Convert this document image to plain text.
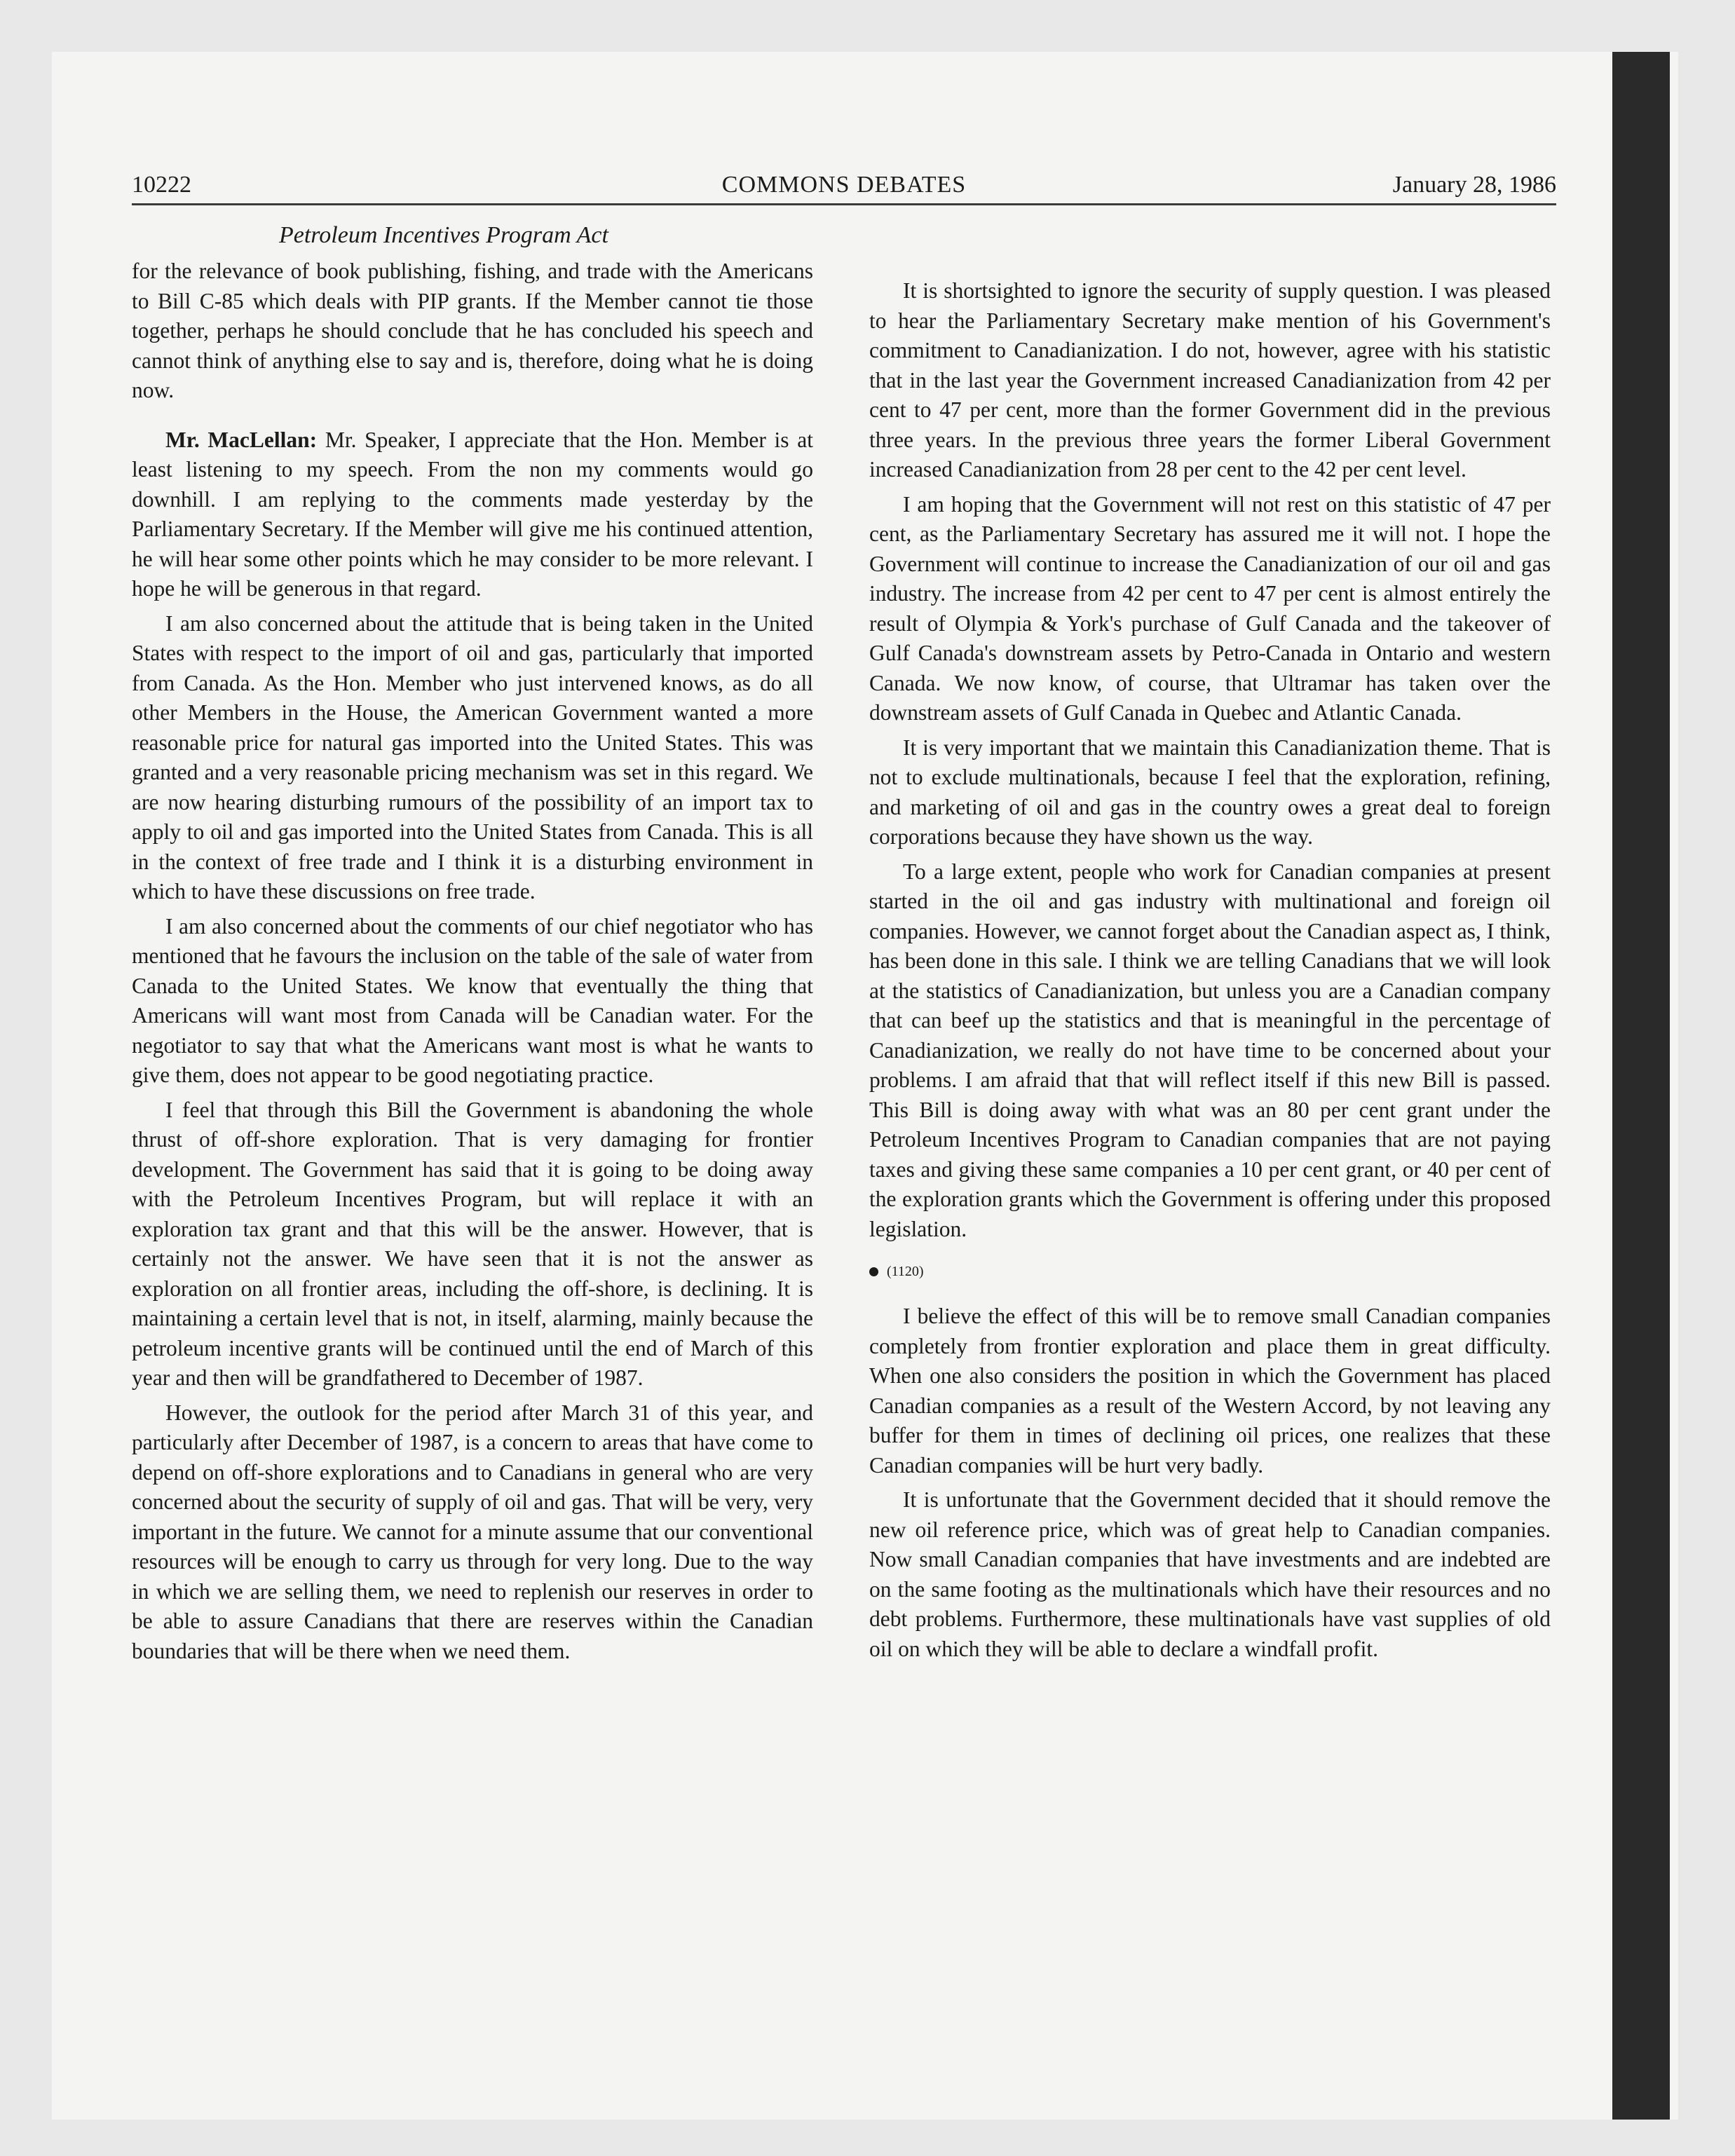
10222	COMMONS DEBATES	January 28, 1986
Petroleum Incentives Program Act

for the relevance of book publishing, fishing, and trade with the Americans to Bill C-85 which deals with PIP grants. If the Member cannot tie those together, perhaps he should conclude that he has concluded his speech and cannot think of anything else to say and is, therefore, doing what he is doing now.

Mr. MacLellan: Mr. Speaker, I appreciate that the Hon. Member is at least listening to my speech. From the non my comments would go downhill. I am replying to the comments made yesterday by the Parliamentary Secretary. If the Member will give me his continued attention, he will hear some other points which he may consider to be more relevant. I hope he will be generous in that regard.

I am also concerned about the attitude that is being taken in the United States with respect to the import of oil and gas, particularly that imported from Canada. As the Hon. Member who just intervened knows, as do all other Members in the House, the American Government wanted a more reasonable price for natural gas imported into the United States. This was granted and a very reasonable pricing mechanism was set in this regard. We are now hearing disturbing rumours of the possibility of an import tax to apply to oil and gas imported into the United States from Canada. This is all in the context of free trade and I think it is a disturbing environment in which to have these discussions on free trade.

I am also concerned about the comments of our chief negotiator who has mentioned that he favours the inclusion on the table of the sale of water from Canada to the United States. We know that eventually the thing that Americans will want most from Canada will be Canadian water. For the negotiator to say that what the Americans want most is what he wants to give them, does not appear to be good negotiating practice.

I feel that through this Bill the Government is abandoning the whole thrust of off-shore exploration. That is very damaging for frontier development. The Government has said that it is going to be doing away with the Petroleum Incentives Program, but will replace it with an exploration tax grant and that this will be the answer. However, that is certainly not the answer. We have seen that it is not the answer as exploration on all frontier areas, including the off-shore, is declining. It is maintaining a certain level that is not, in itself, alarming, mainly because the petroleum incentive grants will be continued until the end of March of this year and then will be grandfathered to December of 1987.

However, the outlook for the period after March 31 of this year, and particularly after December of 1987, is a concern to areas that have come to depend on off-shore explorations and to Canadians in general who are very concerned about the security of supply of oil and gas. That will be very, very important in the future. We cannot for a minute assume that our conventional resources will be enough to carry us through for very long. Due to the way in which we are selling them, we need to replenish our reserves in order to be able to assure Canadians that there are reserves within the Canadian boundaries that will be there when we need them.

It is shortsighted to ignore the security of supply question. I was pleased to hear the Parliamentary Secretary make mention of his Government's commitment to Canadianization. I do not, however, agree with his statistic that in the last year the Government increased Canadianization from 42 per cent to 47 per cent, more than the former Government did in the previous three years. In the previous three years the former Liberal Government increased Canadianization from 28 per cent to the 42 per cent level.

I am hoping that the Government will not rest on this statistic of 47 per cent, as the Parliamentary Secretary has assured me it will not. I hope the Government will continue to increase the Canadianization of our oil and gas industry. The increase from 42 per cent to 47 per cent is almost entirely the result of Olympia & York's purchase of Gulf Canada and the takeover of Gulf Canada's downstream assets by Petro-Canada in Ontario and western Canada. We now know, of course, that Ultramar has taken over the downstream assets of Gulf Canada in Quebec and Atlantic Canada.

It is very important that we maintain this Canadianization theme. That is not to exclude multinationals, because I feel that the exploration, refining, and marketing of oil and gas in the country owes a great deal to foreign corporations because they have shown us the way.

To a large extent, people who work for Canadian companies at present started in the oil and gas industry with multinational and foreign oil companies. However, we cannot forget about the Canadian aspect as, I think, has been done in this sale. I think we are telling Canadians that we will look at the statistics of Canadianization, but unless you are a Canadian company that can beef up the statistics and that is meaningful in the percentage of Canadianization, we really do not have time to be concerned about your problems. I am afraid that that will reflect itself if this new Bill is passed. This Bill is doing away with what was an 80 per cent grant under the Petroleum Incentives Program to Canadian companies that are not paying taxes and giving these same companies a 10 per cent grant, or 40 per cent of the exploration grants which the Government is offering under this proposed legislation.

(1120)

I believe the effect of this will be to remove small Canadian companies completely from frontier exploration and place them in great difficulty. When one also considers the position in which the Government has placed Canadian companies as a result of the Western Accord, by not leaving any buffer for them in times of declining oil prices, one realizes that these Canadian companies will be hurt very badly.

It is unfortunate that the Government decided that it should remove the new oil reference price, which was of great help to Canadian companies. Now small Canadian companies that have investments and are indebted are on the same footing as the multinationals which have their resources and no debt problems. Furthermore, these multinationals have vast supplies of old oil on which they will be able to declare a windfall profit.
